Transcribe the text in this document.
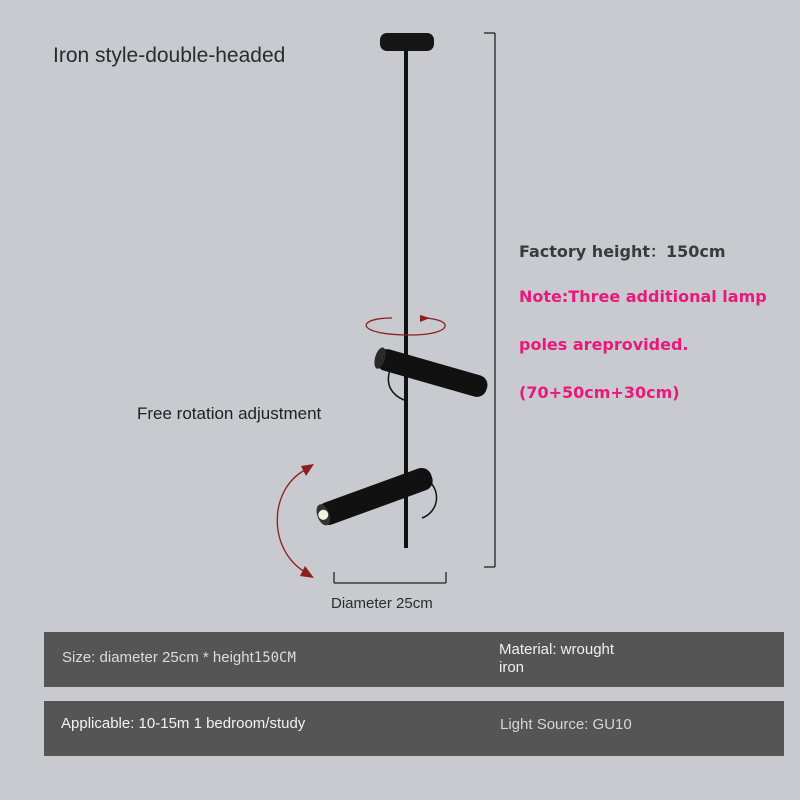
Iron style-double-headed
Factory height：150cm
Note:Three additional lamp
poles areprovided.
(70+50cm+30cm)
Free rotation adjustment
Diameter 25cm
Size: diameter 25cm * height150CM	Material: wrought
iron
Applicable: 10-15m 1 bedroom/study	Light Source: GU10
